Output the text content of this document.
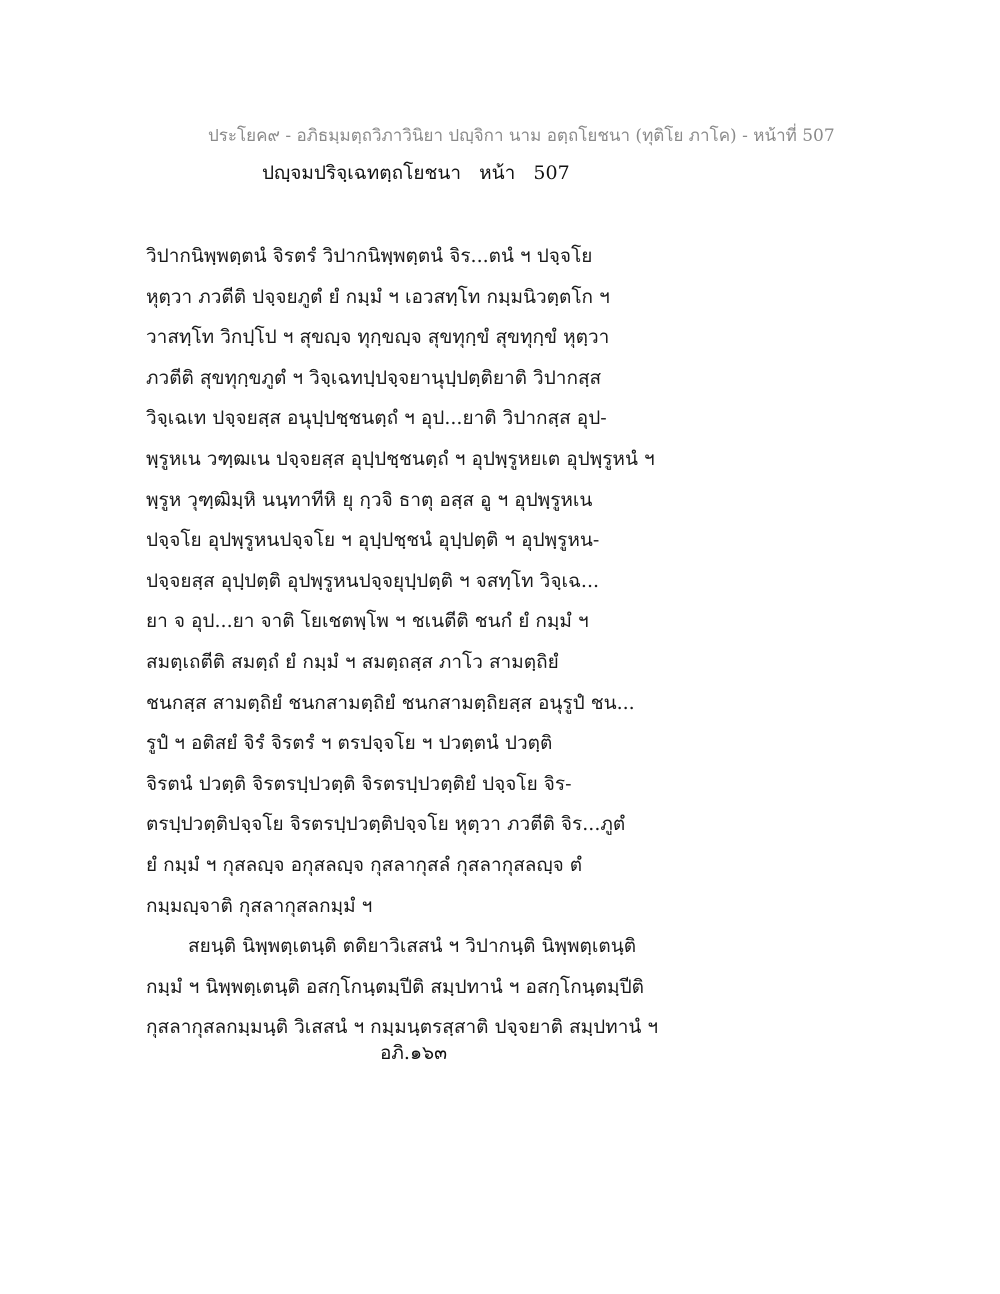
ประโยค๙ - อภิธมฺมตฺถวิภาวินิยา ปญฺจิกา นาม อตฺถโยชนา (ทุติโย ภาโค) - หน้าที่ 507
ปญฺจมปริจฺเฉทตฺถโยชนา   หน้า   507
วิปากนิพฺพตฺตนํ จิรตรํ วิปากนิพฺพตฺตนํ จิร...ตนํ ฯ ปจฺจโย
หุตฺวา ภวตีติ ปจฺจยภูตํ ยํ กมฺมํ ฯ เอวสทฺโท กมฺมนิวตฺตโก ฯ
วาสทฺโท วิกปฺโป ฯ สุขญฺจ ทุกฺขญฺจ สุขทุกฺขํ สุขทุกฺขํ หุตฺวา
ภวตีติ สุขทุกฺขภูตํ ฯ วิจฺเฉทปฺปจฺจยานุปฺปตฺติยาติ วิปากสฺส
วิจฺเฉเท ปจฺจยสฺส อนุปฺปชฺชนตฺถํ ฯ อุป...ยาติ วิปากสฺส อุป-
พฺรูหเน วฑฺฒเน ปจฺจยสฺส อุปฺปชฺชนตฺถํ ฯ อุปพฺรูหยเต อุปพฺรูหนํ ฯ
พฺรูห วุฑฺฒิมฺหิ นนฺทาทีหิ ยุ กฺวจิ ธาตุ อสฺส อู ฯ อุปพฺรูหเน
ปจฺจโย อุปพฺรูหนปจฺจโย ฯ อุปฺปชฺชนํ อุปฺปตฺติ ฯ อุปพฺรูหน-
ปจฺจยสฺส อุปฺปตฺติ อุปพฺรูหนปจฺจยุปฺปตฺติ ฯ จสทฺโท วิจฺเฉ...
ยา จ อุป...ยา จาติ โยเชตพฺโพ ฯ ชเนตีติ ชนกํ ยํ กมฺมํ ฯ
สมตฺเถตีติ สมตฺถํ ยํ กมฺมํ ฯ สมตฺถสฺส ภาโว สามตฺถิยํ
ชนกสฺส สามตฺถิยํ ชนกสามตฺถิยํ ชนกสามตฺถิยสฺส อนุรูปํ ชน...
รูปํ ฯ อติสยํ จิรํ จิรตรํ ฯ ตรปจฺจโย ฯ ปวตฺตนํ ปวตฺติ
จิรตนํ ปวตฺติ จิรตรปฺปวตฺติ จิรตรปฺปวตฺติยํ ปจฺจโย จิร-
ตรปฺปวตฺติปจฺจโย จิรตรปฺปวตฺติปจฺจโย หุตฺวา ภวตีติ จิร...ภูตํ
ยํ กมฺมํ ฯ กุสลญฺจ อกุสลญฺจ กุสลากุสลํ กุสลากุสลญฺจ ตํ
กมฺมญฺจาติ กุสลากุสลกมฺมํ ฯ
สยนฺติ นิพฺพตฺเตนฺติ ตติยาวิเสสนํ ฯ วิปากนฺติ นิพฺพตฺเตนฺติ
กมฺมํ ฯ นิพฺพตฺเตนฺติ อสกฺโกนฺตมฺปีติ สมฺปทานํ ฯ อสกฺโกนฺตมฺปีติ
กุสลากุสลกมฺมนฺติ วิเสสนํ ฯ กมฺมนฺตรสฺสาติ ปจฺจยาติ สมฺปทานํ ฯ
อภิ.๑๖๓
